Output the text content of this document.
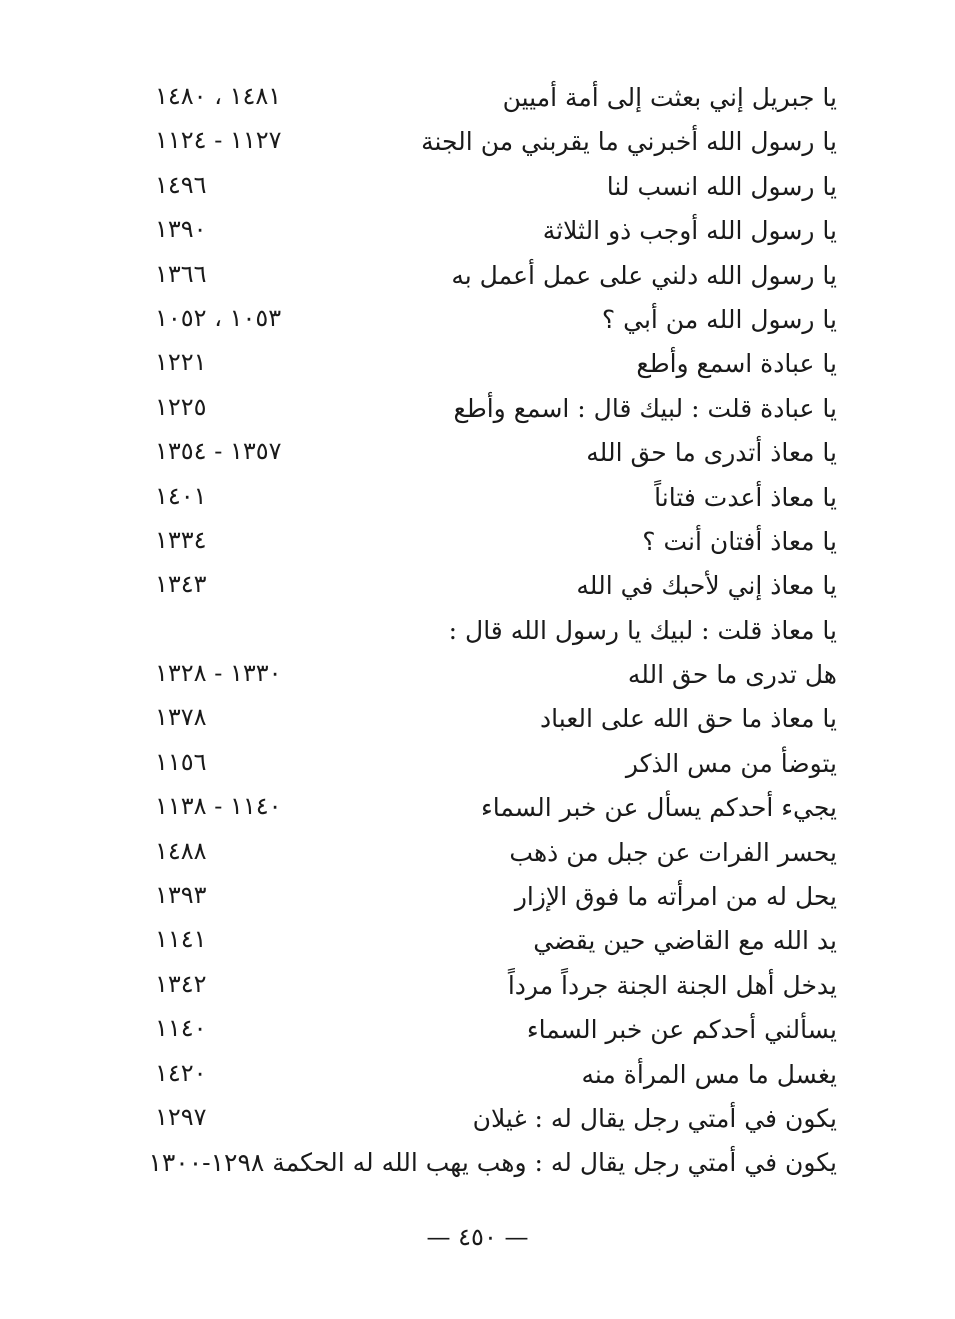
يا جبريل إني بعثت إلى أمة أميين
١٤٨١ ، ١٤٨٠
يا رسول الله أخبرني ما يقربني من الجنة
١١٢٧ - ١١٢٤
يا رسول الله انسب لنا
١٤٩٦
يا رسول الله أوجب ذو الثلاثة
١٣٩٠
يا رسول الله دلني على عمل أعمل به
١٣٦٦
يا رسول الله من أبي ؟
١٠٥٣ ، ١٠٥٢
يا عبادة اسمع وأطع
١٢٢١
يا عبادة قلت : لبيك قال : اسمع وأطع
١٢٢٥
يا معاذ أتدرى ما حق الله
١٣٥٧ - ١٣٥٤
يا معاذ أعدت فتاناً
١٤٠١
يا معاذ أفتان أنت ؟
١٣٣٤
يا معاذ إني لأحبك في الله
١٣٤٣
يا معاذ قلت : لبيك يا رسول الله قال :
هل تدرى ما حق الله
١٣٣٠ - ١٣٢٨
يا معاذ ما حق الله على العباد
١٣٧٨
يتوضأ من مس الذكر
١١٥٦
يجيء أحدكم يسأل عن خبر السماء
١١٤٠ - ١١٣٨
يحسر الفرات عن جبل من ذهب
١٤٨٨
يحل له من امرأته ما فوق الإزار
١٣٩٣
يد الله مع القاضي حين يقضي
١١٤١
يدخل أهل الجنة الجنة جرداً مرداً
١٣٤٢
يسألني أحدكم عن خبر السماء
١١٤٠
يغسل ما مس المرأة منه
١٤٢٠
يكون في أمتي رجل يقال له : غيلان
١٢٩٧
يكون في أمتي رجل يقال له : وهب يهب الله له الحكمة ١٢٩٨-١٣٠٠
— ٤٥٠ —
